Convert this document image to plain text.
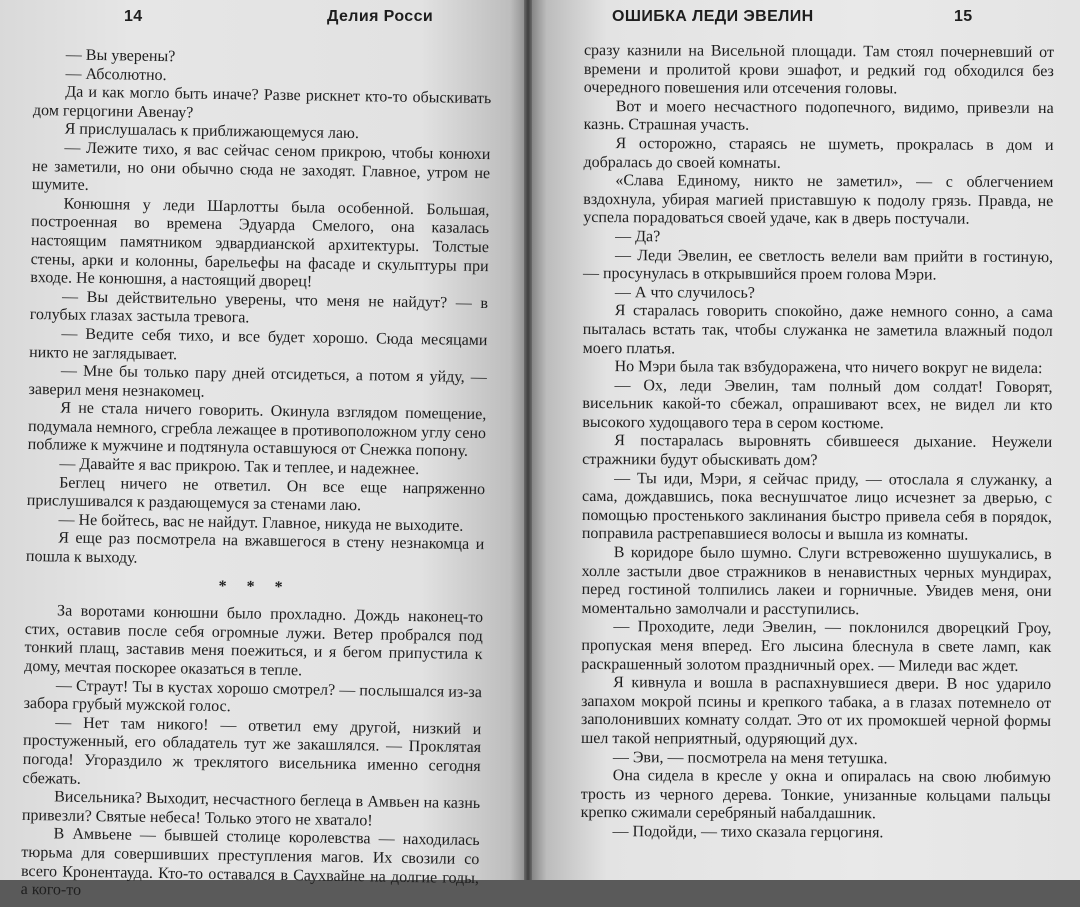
14	Делия Росси

— Вы уверены?

— Абсолютно.

Да и как могло быть иначе? Разве рискнет кто-то обыскивать дом герцогини Авенау?

Я прислушалась к приближающемуся лаю.

— Лежите тихо, я вас сейчас сеном прикрою, чтобы конюхи не заметили, но они обычно сюда не заходят. Главное, утром не шумите.

Конюшня у леди Шарлотты была особенной. Большая, построенная во времена Эдуарда Смелого, она казалась настоящим памятником эдвардианской архитектуры. Толстые стены, арки и колонны, барельефы на фасаде и скульптуры при входе. Не конюшня, а настоящий дворец!

— Вы действительно уверены, что меня не найдут? — в голубых глазах застыла тревога.

— Ведите себя тихо, и все будет хорошо. Сюда месяцами никто не заглядывает.

— Мне бы только пару дней отсидеться, а потом я уйду, — заверил меня незнакомец.

Я не стала ничего говорить. Окинула взглядом помещение, подумала немного, сгребла лежащее в противоположном углу сено поближе к мужчине и подтянула оставшуюся от Снежка попону.

— Давайте я вас прикрою. Так и теплее, и надежнее.

Беглец ничего не ответил. Он все еще напряженно прислушивался к раздающемуся за стенами лаю.

— Не бойтесь, вас не найдут. Главное, никуда не выходите.

Я еще раз посмотрела на вжавшегося в стену незнакомца и пошла к выходу.

* * *

За воротами конюшни было прохладно. Дождь наконец-то стих, оставив после себя огромные лужи. Ветер пробрался под тонкий плащ, заставив меня поежиться, и я бегом припустила к дому, мечтая поскорее оказаться в тепле.

— Страут! Ты в кустах хорошо смотрел? — послышался из-за забора грубый мужской голос.

— Нет там никого! — ответил ему другой, низкий и простуженный, его обладатель тут же закашлялся. — Проклятая погода! Угораздило ж треклятого висельника именно сегодня сбежать.

Висельника? Выходит, несчастного беглеца в Амвьен на казнь привезли? Святые небеса! Только этого не хватало!

В Амвьене — бывшей столице королевства — находилась тюрьма для совершивших преступления магов. Их свозили со всего Кронентауда. Кто-то оставался в Саухвайне на долгие годы, а кого-то

ОШИБКА ЛЕДИ ЭВЕЛИН	15

сразу казнили на Висельной площади. Там стоял почерневший от времени и пролитой крови эшафот, и редкий год обходился без очередного повешения или отсечения головы.

Вот и моего несчастного подопечного, видимо, привезли на казнь. Страшная участь.

Я осторожно, стараясь не шуметь, прокралась в дом и добралась до своей комнаты.

«Слава Единому, никто не заметил», — с облегчением вздохнула, убирая магией приставшую к подолу грязь. Правда, не успела порадоваться своей удаче, как в дверь постучали.

— Да?

— Леди Эвелин, ее светлость велели вам прийти в гостиную, — просунулась в открывшийся проем голова Мэри.

— А что случилось?

Я старалась говорить спокойно, даже немного сонно, а сама пыталась встать так, чтобы служанка не заметила влажный подол моего платья.

Но Мэри была так взбудоражена, что ничего вокруг не видела:

— Ох, леди Эвелин, там полный дом солдат! Говорят, висельник какой-то сбежал, опрашивают всех, не видел ли кто высокого худощавого тера в сером костюме.

Я постаралась выровнять сбившееся дыхание. Неужели стражники будут обыскивать дом?

— Ты иди, Мэри, я сейчас приду, — отослала я служанку, а сама, дождавшись, пока веснушчатое лицо исчезнет за дверью, с помощью простенького заклинания быстро привела себя в порядок, поправила растрепавшиеся волосы и вышла из комнаты.

В коридоре было шумно. Слуги встревоженно шушукались, в холле застыли двое стражников в ненавистных черных мундирах, перед гостиной толпились лакеи и горничные. Увидев меня, они моментально замолчали и расступились.

— Проходите, леди Эвелин, — поклонился дворецкий Гроу, пропуская меня вперед. Его лысина блеснула в свете ламп, как раскрашенный золотом праздничный орех. — Миледи вас ждет.

Я кивнула и вошла в распахнувшиеся двери. В нос ударило запахом мокрой псины и крепкого табака, а в глазах потемнело от заполонивших комнату солдат. Это от их промокшей черной формы шел такой неприятный, одуряющий дух.

— Эви, — посмотрела на меня тетушка.

Она сидела в кресле у окна и опиралась на свою любимую трость из черного дерева. Тонкие, унизанные кольцами пальцы крепко сжимали серебряный набалдашник.

— Подойди, — тихо сказала герцогиня.
